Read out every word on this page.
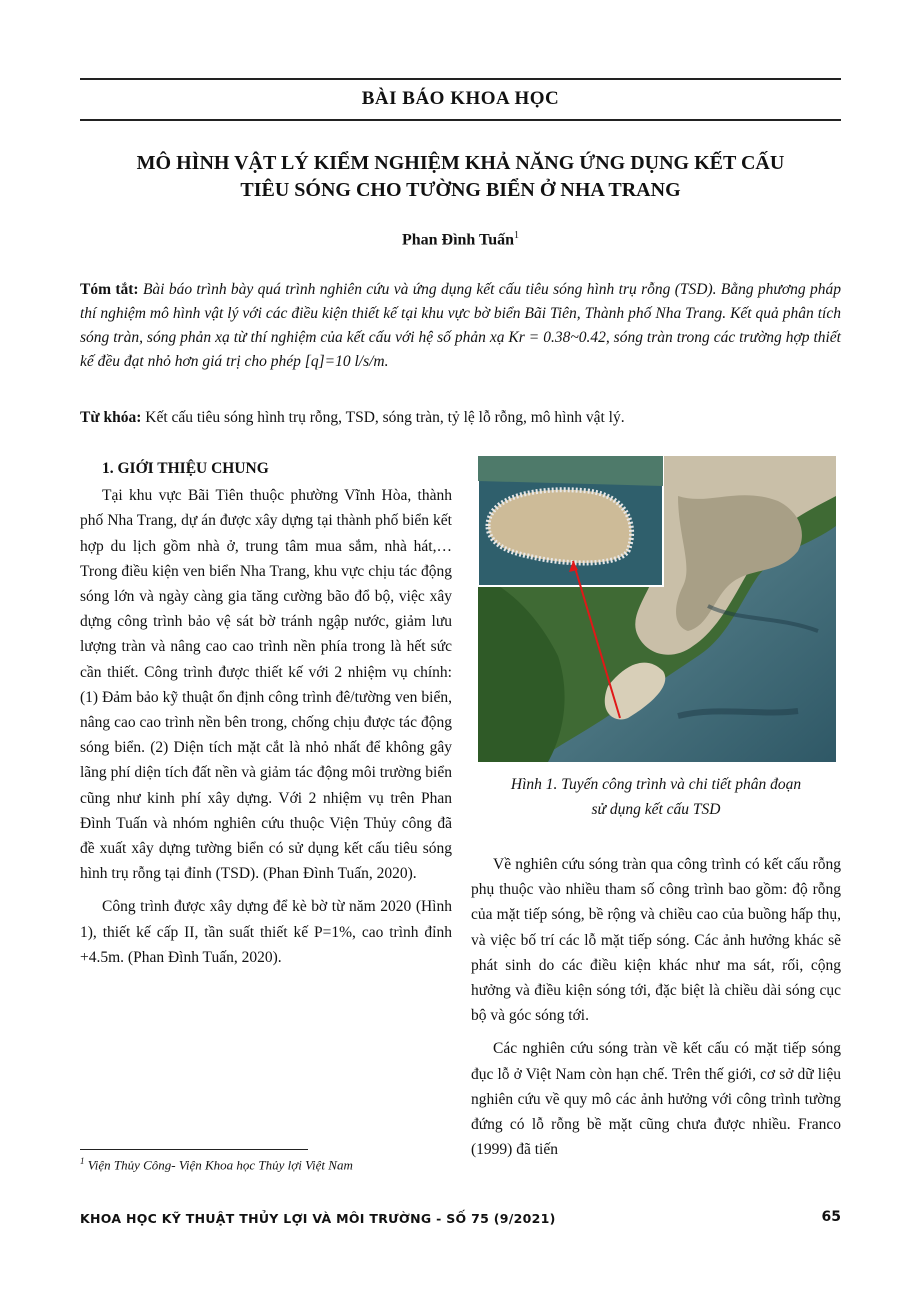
BÀI BÁO KHOA HỌC
MÔ HÌNH VẬT LÝ KIỂM NGHIỆM KHẢ NĂNG ỨNG DỤNG KẾT CẤU
TIÊU SÓNG CHO TƯỜNG BIỂN Ở NHA TRANG
Phan Đình Tuấn$^1$
Tóm tắt: Bài báo trình bày quá trình nghiên cứu và ứng dụng kết cấu tiêu sóng hình trụ rỗng (TSD). Bằng phương pháp thí nghiệm mô hình vật lý với các điều kiện thiết kế tại khu vực bờ biển Bãi Tiên, Thành phố Nha Trang. Kết quả phân tích sóng tràn, sóng phản xạ từ thí nghiệm của kết cấu với hệ số phản xạ Kr = 0.38~0.42, sóng tràn trong các trường hợp thiết kế đều đạt nhỏ hơn giá trị cho phép [q]=10 l/s/m.
Từ khóa: Kết cấu tiêu sóng hình trụ rỗng, TSD, sóng tràn, tỷ lệ lỗ rỗng, mô hình vật lý.
1. GIỚI THIỆU CHUNG

Tại khu vực Bãi Tiên thuộc phường Vĩnh Hòa, thành phố Nha Trang, dự án được xây dựng tại thành phố biển kết hợp du lịch gồm nhà ở, trung tâm mua sắm, nhà hát,… Trong điều kiện ven biển Nha Trang, khu vực chịu tác động sóng lớn và ngày càng gia tăng cường bão đổ bộ, việc xây dựng công trình bảo vệ sát bờ tránh ngập nước, giảm lưu lượng tràn và nâng cao cao trình nền phía trong là hết sức cần thiết. Công trình được thiết kế với 2 nhiệm vụ chính: (1) Đảm bảo kỹ thuật ổn định công trình đê/tường ven biển, nâng cao cao trình nền bên trong, chống chịu được tác động sóng biển. (2) Diện tích mặt cắt là nhỏ nhất để không gây lãng phí diện tích đất nền và giảm tác động môi trường biển cũng như kinh phí xây dựng. Với 2 nhiệm vụ trên Phan Đình Tuấn và nhóm nghiên cứu thuộc Viện Thủy công đã đề xuất xây dựng tường biển có sử dụng kết cấu tiêu sóng hình trụ rỗng tại đỉnh (TSD). (Phan Đình Tuấn, 2020).

Công trình được xây dựng để kè bờ từ năm 2020 (Hình 1), thiết kế cấp II, tần suất thiết kế P=1%, cao trình đỉnh +4.5m. (Phan Đình Tuấn, 2020).

Hình 1. Tuyến công trình và chi tiết phân đoạn
sử dụng kết cấu TSD

Về nghiên cứu sóng tràn qua công trình có kết cấu rỗng phụ thuộc vào nhiều tham số công trình bao gồm: độ rỗng của mặt tiếp sóng, bề rộng và chiều cao của buồng hấp thụ, và việc bố trí các lỗ mặt tiếp sóng. Các ảnh hưởng khác sẽ phát sinh do các điều kiện khác như ma sát, rối, cộng hưởng và điều kiện sóng tới, đặc biệt là chiều dài sóng cục bộ và góc sóng tới.

Các nghiên cứu sóng tràn về kết cấu có mặt tiếp sóng đục lỗ ở Việt Nam còn hạn chế. Trên thế giới, cơ sở dữ liệu nghiên cứu về quy mô các ảnh hưởng với công trình tường đứng có lỗ rỗng bề mặt cũng chưa được nhiều. Franco (1999) đã tiến

$^1$ Viện Thủy Công- Viện Khoa học Thủy lợi Việt Nam
KHOA HỌC KỸ THUẬT THỦY LỢI VÀ MÔI TRƯỜNG - SỐ 75 (9/2021)	65
